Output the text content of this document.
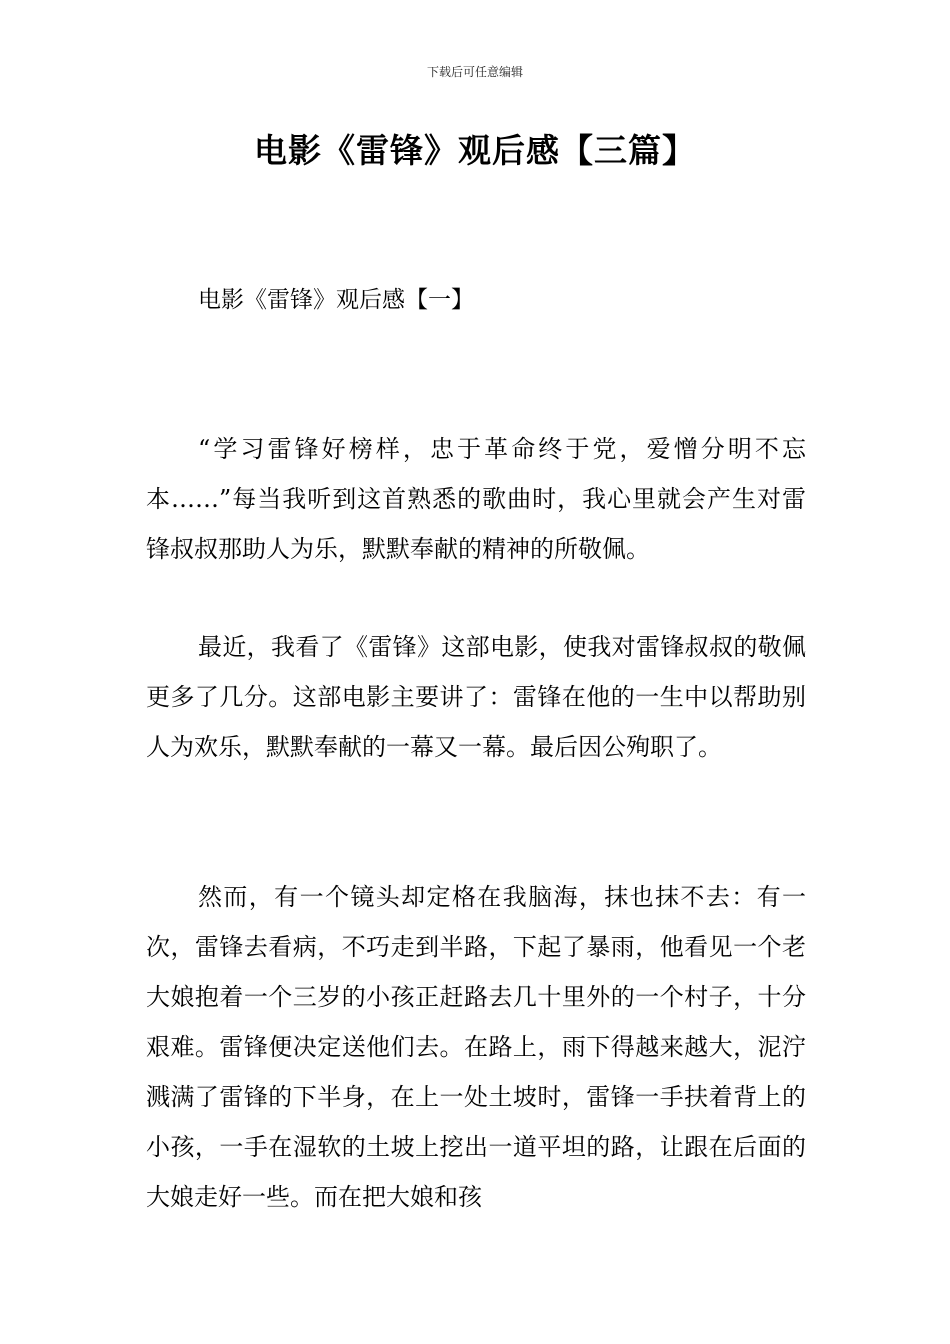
下载后可任意编辑
电影《雷锋》观后感【三篇】
电影《雷锋》观后感【一】

“学习雷锋好榜样，忠于革命终于党，爱憎分明不忘本……”每当我听到这首熟悉的歌曲时，我心里就会产生对雷锋叔叔那助人为乐，默默奉献的精神的所敬佩。

最近，我看了《雷锋》这部电影，使我对雷锋叔叔的敬佩更多了几分。这部电影主要讲了：雷锋在他的一生中以帮助别人为欢乐，默默奉献的一幕又一幕。最后因公殉职了。

然而，有一个镜头却定格在我脑海，抹也抹不去：有一次，雷锋去看病，不巧走到半路，下起了暴雨，他看见一个老大娘抱着一个三岁的小孩正赶路去几十里外的一个村子，十分艰难。雷锋便决定送他们去。在路上，雨下得越来越大，泥泞溅满了雷锋的下半身，在上一处土坡时，雷锋一手扶着背上的小孩，一手在湿软的土坡上挖出一道平坦的路，让跟在后面的大娘走好一些。而在把大娘和孩
